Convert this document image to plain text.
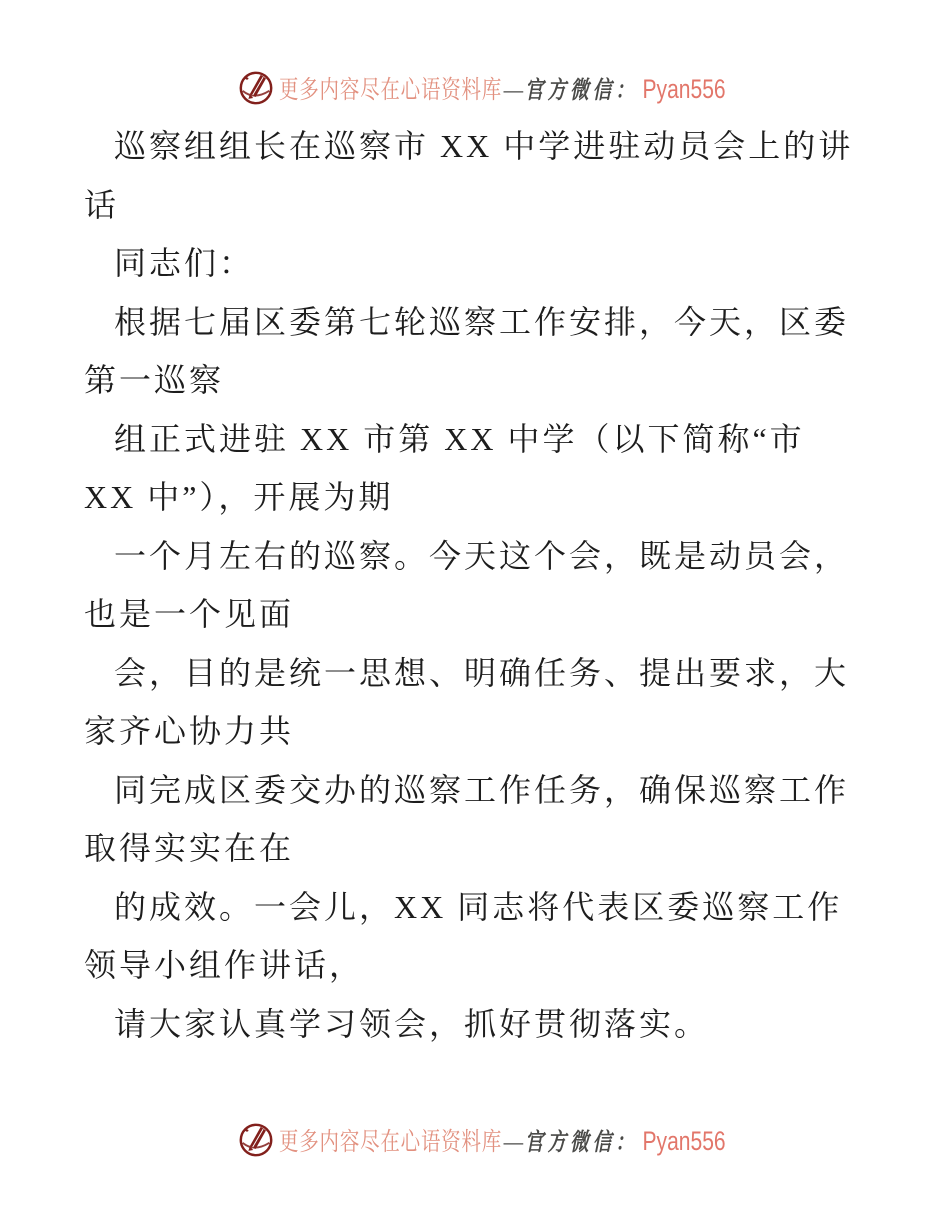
更多内容尽在心语资料库 — 官方微信： Pyan556
巡察组组长在巡察市 XX 中学进驻动员会上的讲
话
同志们：
根据七届区委第七轮巡察工作安排，今天，区委
第一巡察
组正式进驻 XX 市第 XX 中学（以下简称“市
XX 中”），开展为期
一个月左右的巡察。今天这个会，既是动员会，
也是一个见面
会，目的是统一思想、明确任务、提出要求，大
家齐心协力共
同完成区委交办的巡察工作任务，确保巡察工作
取得实实在在
的成效。一会儿，XX 同志将代表区委巡察工作
领导小组作讲话，
请大家认真学习领会，抓好贯彻落实。
更多内容尽在心语资料库 — 官方微信： Pyan556
